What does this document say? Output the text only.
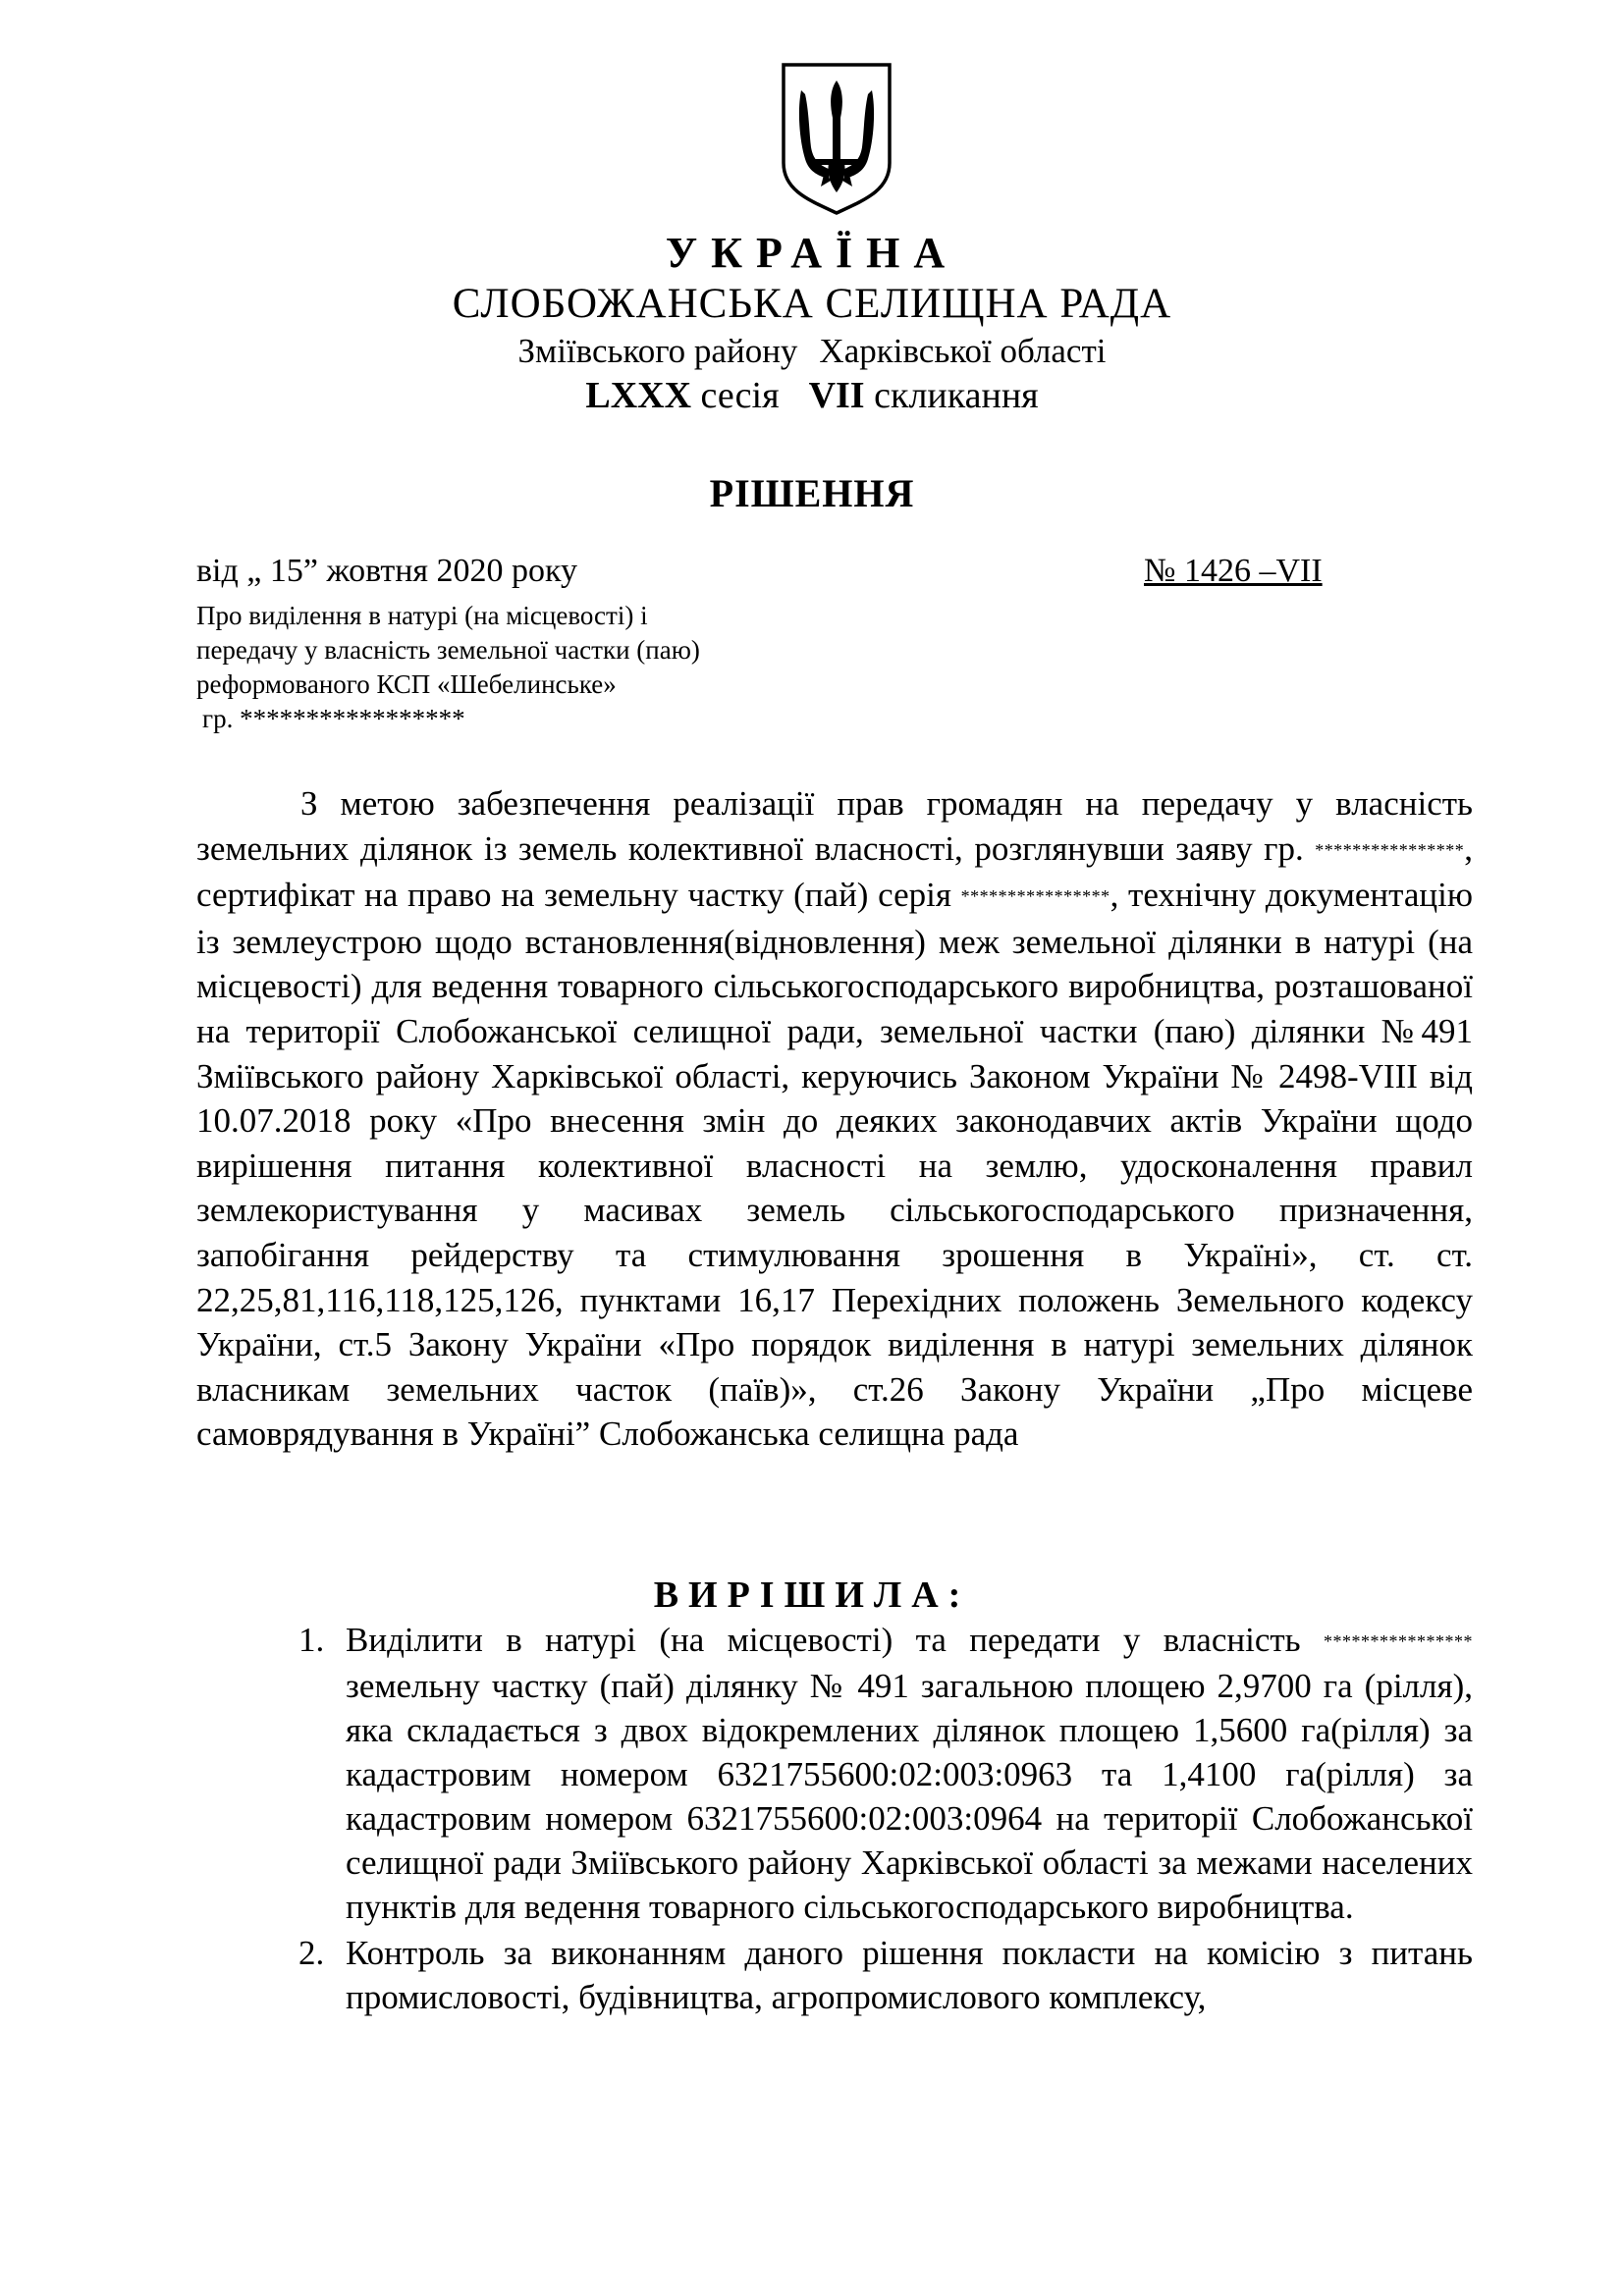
УКРАЇНА
СЛОБОЖАНСЬКА СЕЛИЩНА РАДА
Зміївського району Харківської області
LXXX сесія VII скликання
РІШЕННЯ
від „ 15” жовтня 2020 року	№ 1426 –VII
Про виділення в натурі (на місцевості) і
передачу у власність земельної частки (паю)
реформованого КСП «Шебелинське»
гр. *****************

З метою забезпечення реалізації прав громадян на передачу у власність земельних ділянок із земель колективної власності, розглянувши заяву гр. ****************, сертифікат на право на земельну частку (пай) серія ****************, технічну документацію із землеустрою щодо встановлення(відновлення) меж земельної ділянки в натурі (на місцевості) для ведення товарного сільськогосподарського виробництва, розташованої на території Слобожанської селищної ради, земельної частки (паю) ділянки №491 Зміївського району Харківської області, керуючись Законом України № 2498-VIII від 10.07.2018 року «Про внесення змін до деяких законодавчих актів України щодо вирішення питання колективної власності на землю, удосконалення правил землекористування у масивах земель сільськогосподарського призначення, запобігання рейдерству та стимулювання зрошення в Україні», ст. ст. 22,25,81,116,118,125,126, пунктами 16,17 Перехідних положень Земельного кодексу України, ст.5 Закону України «Про порядок виділення в натурі земельних ділянок власникам земельних часток (паїв)», ст.26 Закону України „Про місцеве самоврядування в Україні” Слобожанська селищна рада

ВИРІШИЛА:
1. Виділити в натурі (на місцевості) та передати у власність **************** земельну частку (пай) ділянку № 491 загальною площею 2,9700 га (рілля), яка складається з двох відокремлених ділянок площею 1,5600 га(рілля) за кадастровим номером 6321755600:02:003:0963 та 1,4100 га(рілля) за кадастровим номером 6321755600:02:003:0964 на території Слобожанської селищної ради Зміївського району Харківської області за межами населених пунктів для ведення товарного сільськогосподарського виробництва.
2. Контроль за виконанням даного рішення покласти на комісію з питань промисловості, будівництва, агропромислового комплексу,
